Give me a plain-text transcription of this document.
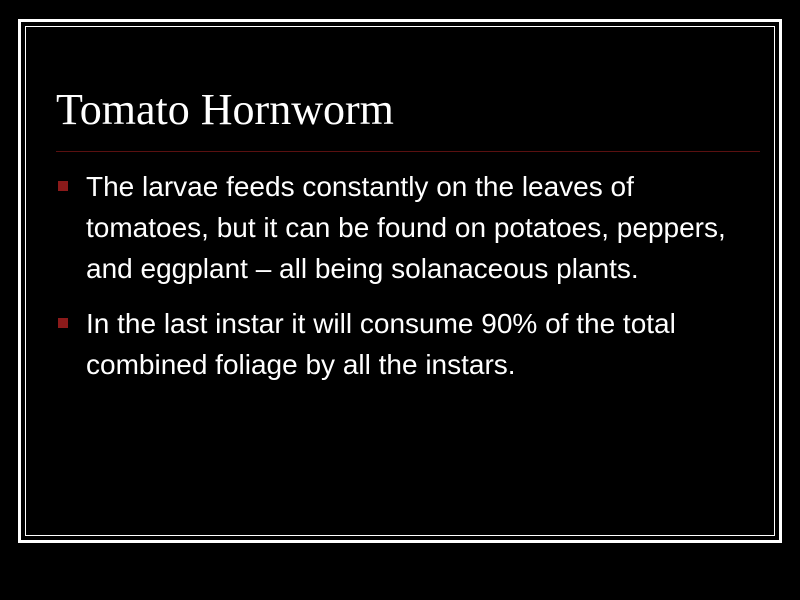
Tomato Hornworm
The larvae feeds constantly on the leaves of tomatoes, but it can be found on potatoes, peppers, and eggplant – all being solanaceous plants.
In the last instar it will consume 90% of the total combined foliage by all the instars.
